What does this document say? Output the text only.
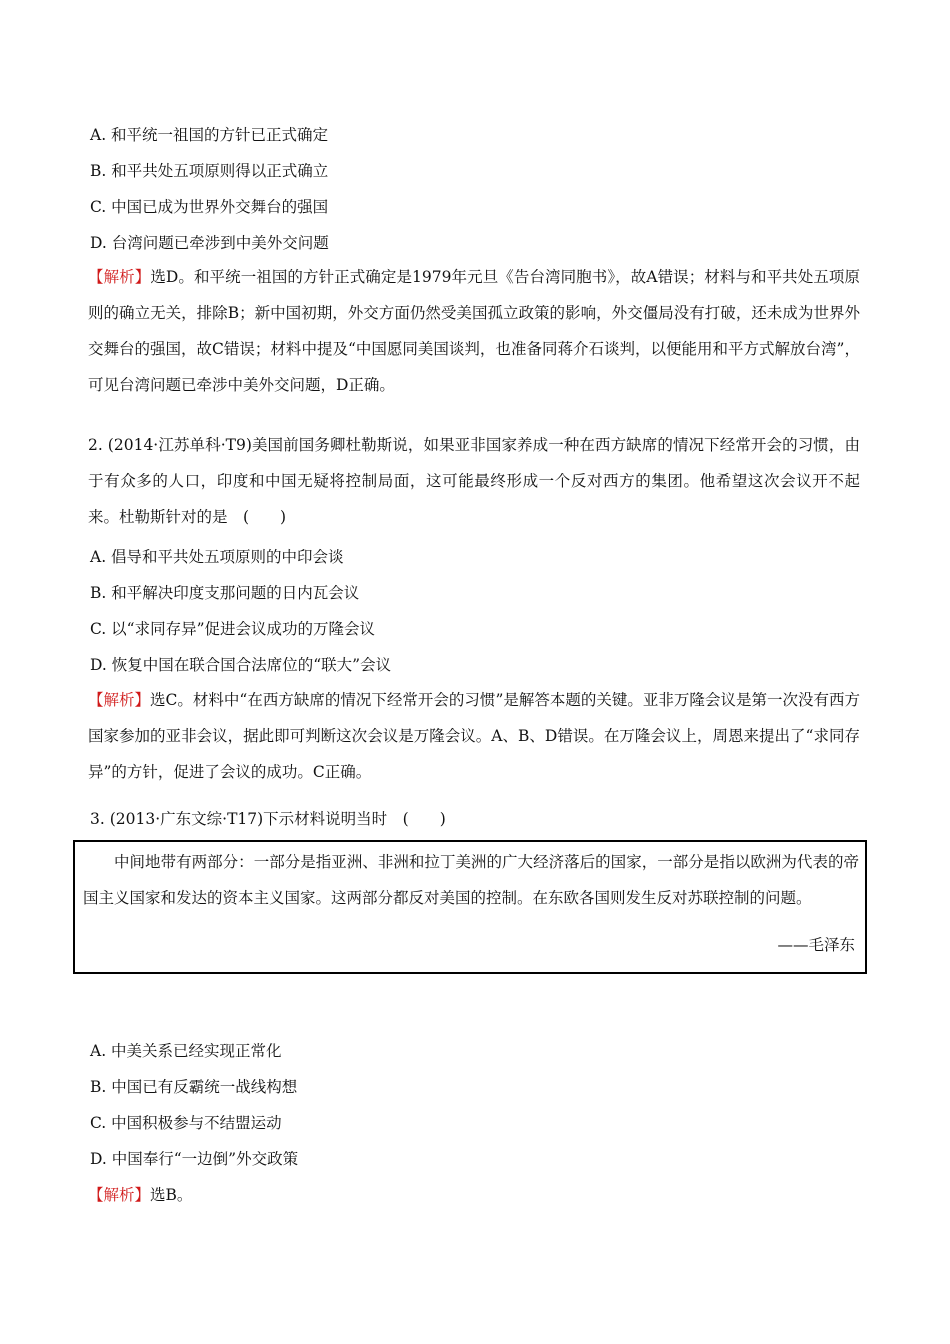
A. 和平统一祖国的方针已正式确定
B. 和平共处五项原则得以正式确立
C. 中国已成为世界外交舞台的强国
D. 台湾问题已牵涉到中美外交问题
【解析】选D。和平统一祖国的方针正式确定是1979年元旦《告台湾同胞书》，故A错误；材料与和平共处五项原则的确立无关，排除B；新中国初期，外交方面仍然受美国孤立政策的影响，外交僵局没有打破，还未成为世界外交舞台的强国，故C错误；材料中提及“中国愿同美国谈判，也准备同蒋介石谈判，以便能用和平方式解放台湾”，可见台湾问题已牵涉中美外交问题，D正确。
2. (2014·江苏单科·T9)美国前国务卿杜勒斯说，如果亚非国家养成一种在西方缺席的情况下经常开会的习惯，由于有众多的人口，印度和中国无疑将控制局面，这可能最终形成一个反对西方的集团。他希望这次会议开不起来。杜勒斯针对的是　(　　)
A. 倡导和平共处五项原则的中印会谈
B. 和平解决印度支那问题的日内瓦会议
C. 以“求同存异”促进会议成功的万隆会议
D. 恢复中国在联合国合法席位的“联大”会议
【解析】选C。材料中“在西方缺席的情况下经常开会的习惯”是解答本题的关键。亚非万隆会议是第一次没有西方国家参加的亚非会议，据此即可判断这次会议是万隆会议。A、B、D错误。在万隆会议上，周恩来提出了“求同存异”的方针，促进了会议的成功。C正确。
3. (2013·广东文综·T17)下示材料说明当时　(　　)
中间地带有两部分：一部分是指亚洲、非洲和拉丁美洲的广大经济落后的国家，一部分是指以欧洲为代表的帝国主义国家和发达的资本主义国家。这两部分都反对美国的控制。在东欧各国则发生反对苏联控制的问题。
——毛泽东
A. 中美关系已经实现正常化
B. 中国已有反霸统一战线构想
C. 中国积极参与不结盟运动
D. 中国奉行“一边倒”外交政策
【解析】选B。
